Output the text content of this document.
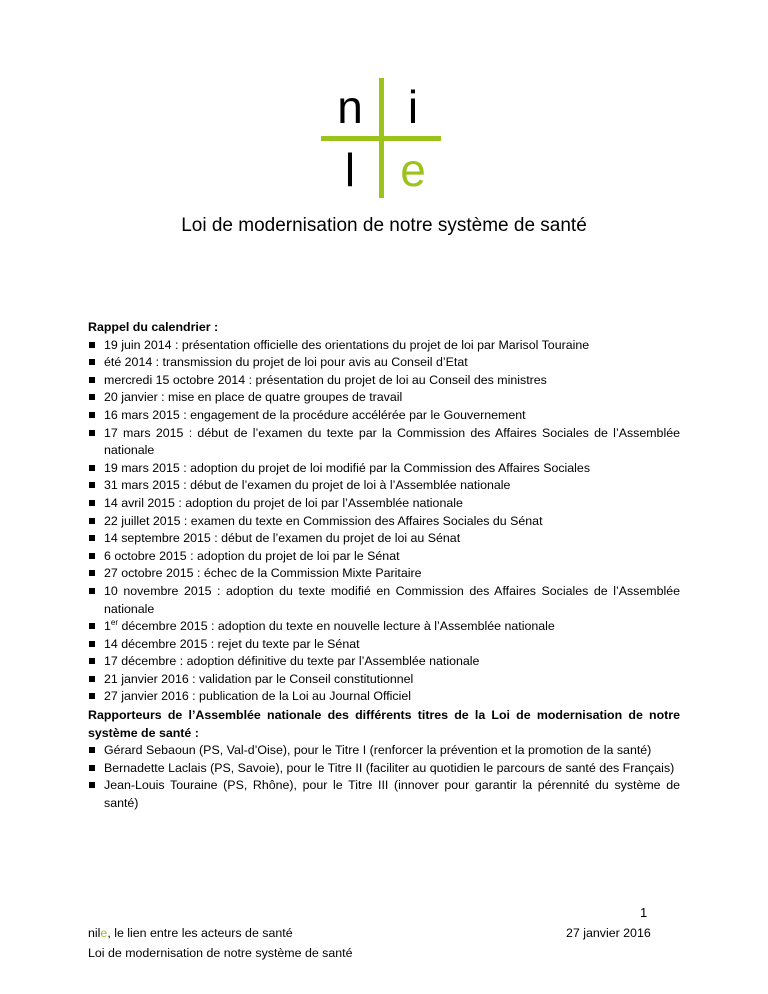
n i
l e
Loi de modernisation de notre système de santé
Rappel du calendrier :
19 juin 2014 : présentation officielle des orientations du projet de loi par Marisol Touraine
été 2014 : transmission du projet de loi pour avis au Conseil d’Etat
mercredi 15 octobre 2014 : présentation du projet de loi au Conseil des ministres
20 janvier : mise en place de quatre groupes de travail
16 mars 2015 : engagement de la procédure accélérée par le Gouvernement
17 mars 2015 : début de l’examen du texte par la Commission des Affaires Sociales de l’Assemblée nationale
19 mars 2015 : adoption du projet de loi modifié par la Commission des Affaires Sociales
31 mars 2015 : début de l’examen du projet de loi à l’Assemblée nationale
14 avril 2015 : adoption du projet de loi par l’Assemblée nationale
22 juillet 2015 : examen du texte en Commission des Affaires Sociales du Sénat
14 septembre 2015 : début de l’examen du projet de loi au Sénat
6 octobre 2015 : adoption du projet de loi par le Sénat
27 octobre 2015 : échec de la Commission Mixte Paritaire
10 novembre 2015 : adoption du texte modifié en Commission des Affaires Sociales de l’Assemblée nationale
1er décembre 2015 : adoption du texte en nouvelle lecture à l’Assemblée nationale
14 décembre 2015 : rejet du texte par le Sénat
17 décembre : adoption définitive du texte par l’Assemblée nationale
21 janvier 2016 : validation par le Conseil constitutionnel
27 janvier 2016 : publication de la Loi au Journal Officiel
Rapporteurs de l’Assemblée nationale des différents titres de la Loi de modernisation de notre système de santé :
Gérard Sebaoun (PS, Val-d’Oise), pour le Titre I (renforcer la prévention et la promotion de la santé)
Bernadette Laclais (PS, Savoie), pour le Titre II (faciliter au quotidien le parcours de santé des Français)
Jean-Louis Touraine (PS, Rhône), pour le Titre III (innover pour garantir la pérennité du système de santé)
1
nile, le lien entre les acteurs de santé
Loi de modernisation de notre système de santé
27 janvier 2016
